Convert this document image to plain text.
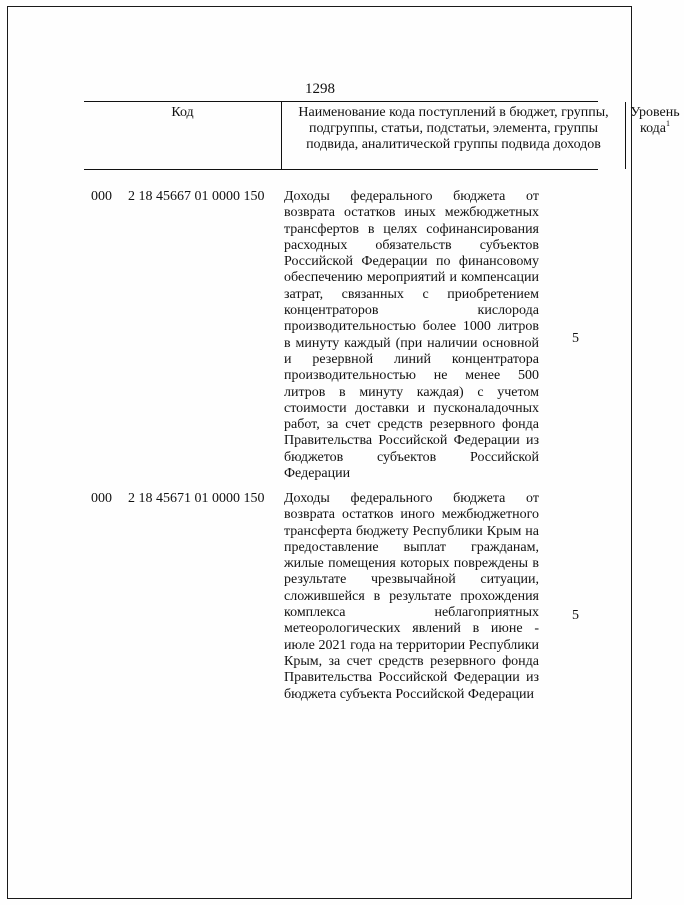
1298
Код	Наименование кода поступлений в бюджет, группы, подгруппы, статьи, подстатьи, элемента, группы подвида, аналитической группы подвида доходов
Уровень кода$^1$
000 2 18 45667 01 0000 150 Доходы федерального бюджета от возврата остатков иных межбюджетных трансфертов в целях софинансирования расходных обязательств субъектов Российской Федерации по финансовому обеспечению мероприятий и компенсации затрат, связанных с приобретением концентраторов кислорода производительностью более 1000 литров в минуту каждый (при наличии основной и резервной линий концентратора производительностью не менее 500 литров в минуту каждая) с учетом стоимости доставки и пусконаладочных работ, за счет средств резервного фонда Правительства Российской Федерации из бюджетов субъектов Российской Федерации
5
000 2 18 45671 01 0000 150 Доходы федерального бюджета от возврата остатков иного межбюджетного трансферта бюджету Республики Крым на предоставление выплат гражданам, жилые помещения которых повреждены в результате чрезвычайной ситуации, сложившейся в результате прохождения комплекса неблагоприятных метеорологических явлений в июне - июле 2021 года на территории Республики Крым, за счет средств резервного фонда Правительства Российской Федерации из бюджета субъекта Российской Федерации
5
